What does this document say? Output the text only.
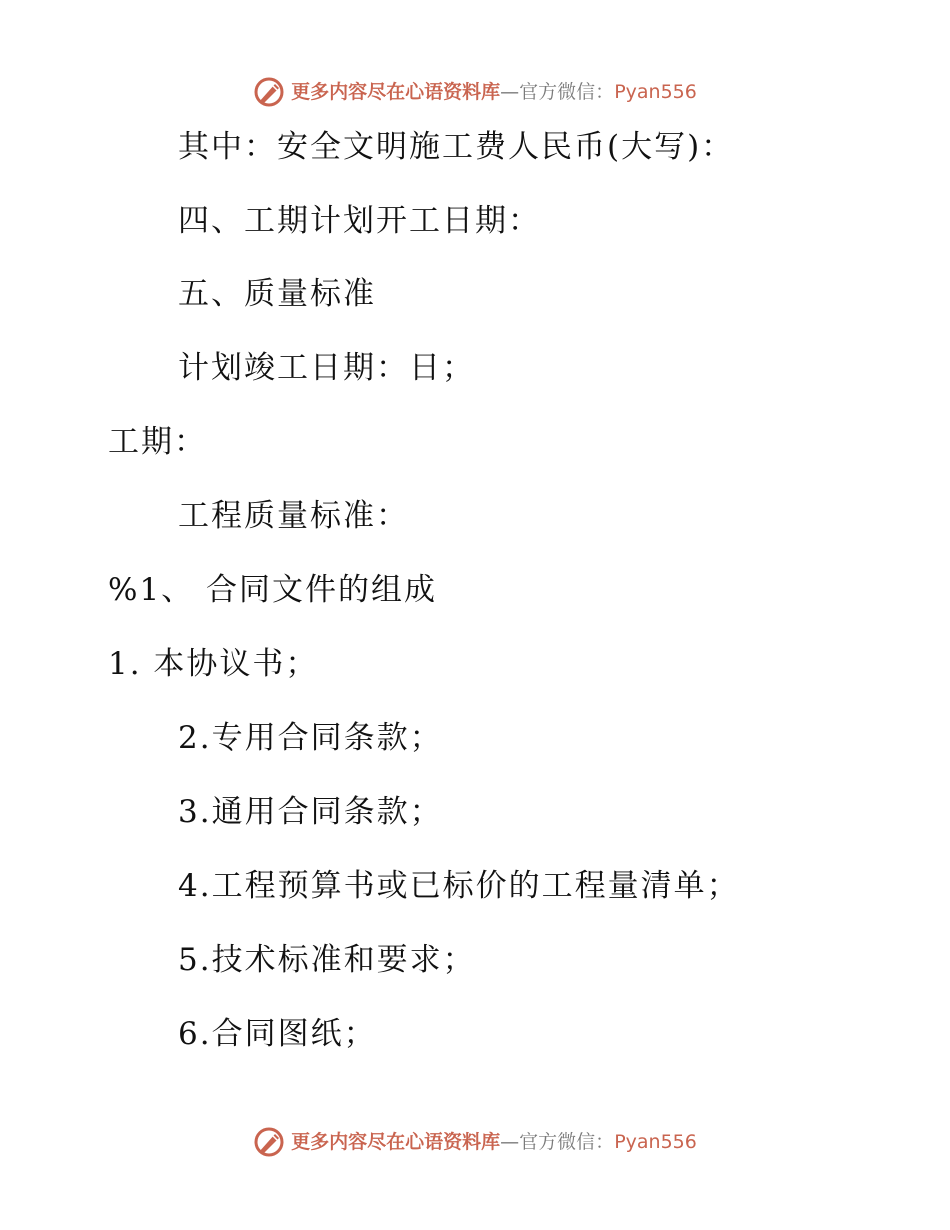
更多内容尽在心语资料库 —官方微信： Pyan556
其中：安全文明施工费人民币(大写)：
四、工期计划开工日期：
五、质量标准
计划竣工日期：日；
工期：
工程质量标准：
%1、 合同文件的组成
1. 本协议书；
2.专用合同条款；
3.通用合同条款；
4.工程预算书或已标价的工程量清单；
5.技术标准和要求；
6.合同图纸；
更多内容尽在心语资料库 —官方微信： Pyan556
